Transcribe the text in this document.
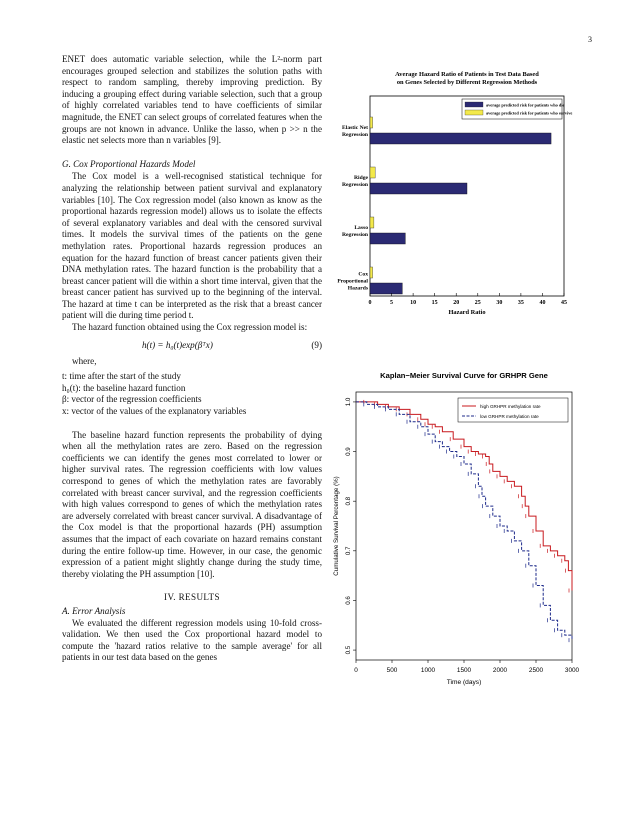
3

ENET does automatic variable selection, while the L²-norm part encourages grouped selection and stabilizes the solution paths with respect to random sampling, thereby improving prediction. By inducing a grouping effect during variable selection, such that a group of highly correlated variables tend to have coefficients of similar magnitude, the ENET can select groups of correlated features when the groups are not known in advance. Unlike the lasso, when p >> n the elastic net selects more than n variables [9].

G. Cox Proportional Hazards Model

The Cox model is a well-recognised statistical technique for analyzing the relationship between patient survival and explanatory variables [10]. The Cox regression model (also known as know as the proportional hazards regression model) allows us to isolate the effects of several explanatory variables and deal with the censored survival times. It models the survival times of the patients on the gene methylation rates. Proportional hazards regression produces an equation for the hazard function of breast cancer patients given their DNA methylation rates. The hazard function is the probability that a breast cancer patient will die within a short time interval, given that the breast cancer patient has survived up to the beginning of the interval. The hazard at time t can be interpreted as the risk that a breast cancer patient will die during time period t.

The hazard function obtained using the Cox regression model is:

h(t) = h₀(t)exp(βᵀx)	(9)

where,

t: time after the start of the study
h₀(t): the baseline hazard function
β: vector of the regression coefficients
x: vector of the values of the explanatory variables

The baseline hazard function represents the probability of dying when all the methylation rates are zero. Based on the regression coefficients we can identify the genes most correlated to lower or higher survival rates. The regression coefficients with low values correspond to genes of which the methylation rates are favorably correlated with breast cancer survival, and the regression coefficients with high values correspond to genes of which the methylation rates are adversely correlated with breast cancer survival. A disadvantage of the Cox model is that the proportional hazards (PH) assumption assumes that the impact of each covariate on hazard remains constant during the entire follow-up time. However, in our case, the genomic expression of a patient might slightly change during the study time, thereby violating the PH assumption [10].

IV. RESULTS

A. Error Analysis

We evaluated the different regression models using 10-fold cross-validation. We then used the Cox proportional hazard model to compute the 'hazard ratios relative to the sample average' for all patients in our test data based on the genes

Average Hazard Ratio of Patients in Test Data Based
on Genes Selected by Different Regression Methods
Elastic Net
Regression
Ridge
Regression
Lasso
Regression
Cox
Proportional
Hazards
0	5	10	15	20	25	30	35	40	45
Hazard Ratio
average predicted risk for patients who die
average predicted risk for patients who survive
Kaplan−Meier Survival Curve for GRHPR Gene
0	500	1000	1500	2000	2500	3000
0.5
0.6
0.7
0.8
0.9
1.0
Time (days)
Cumulative Survival Percentage (%)
high GRHPR methylation rate
low GRHPR methylation rate
